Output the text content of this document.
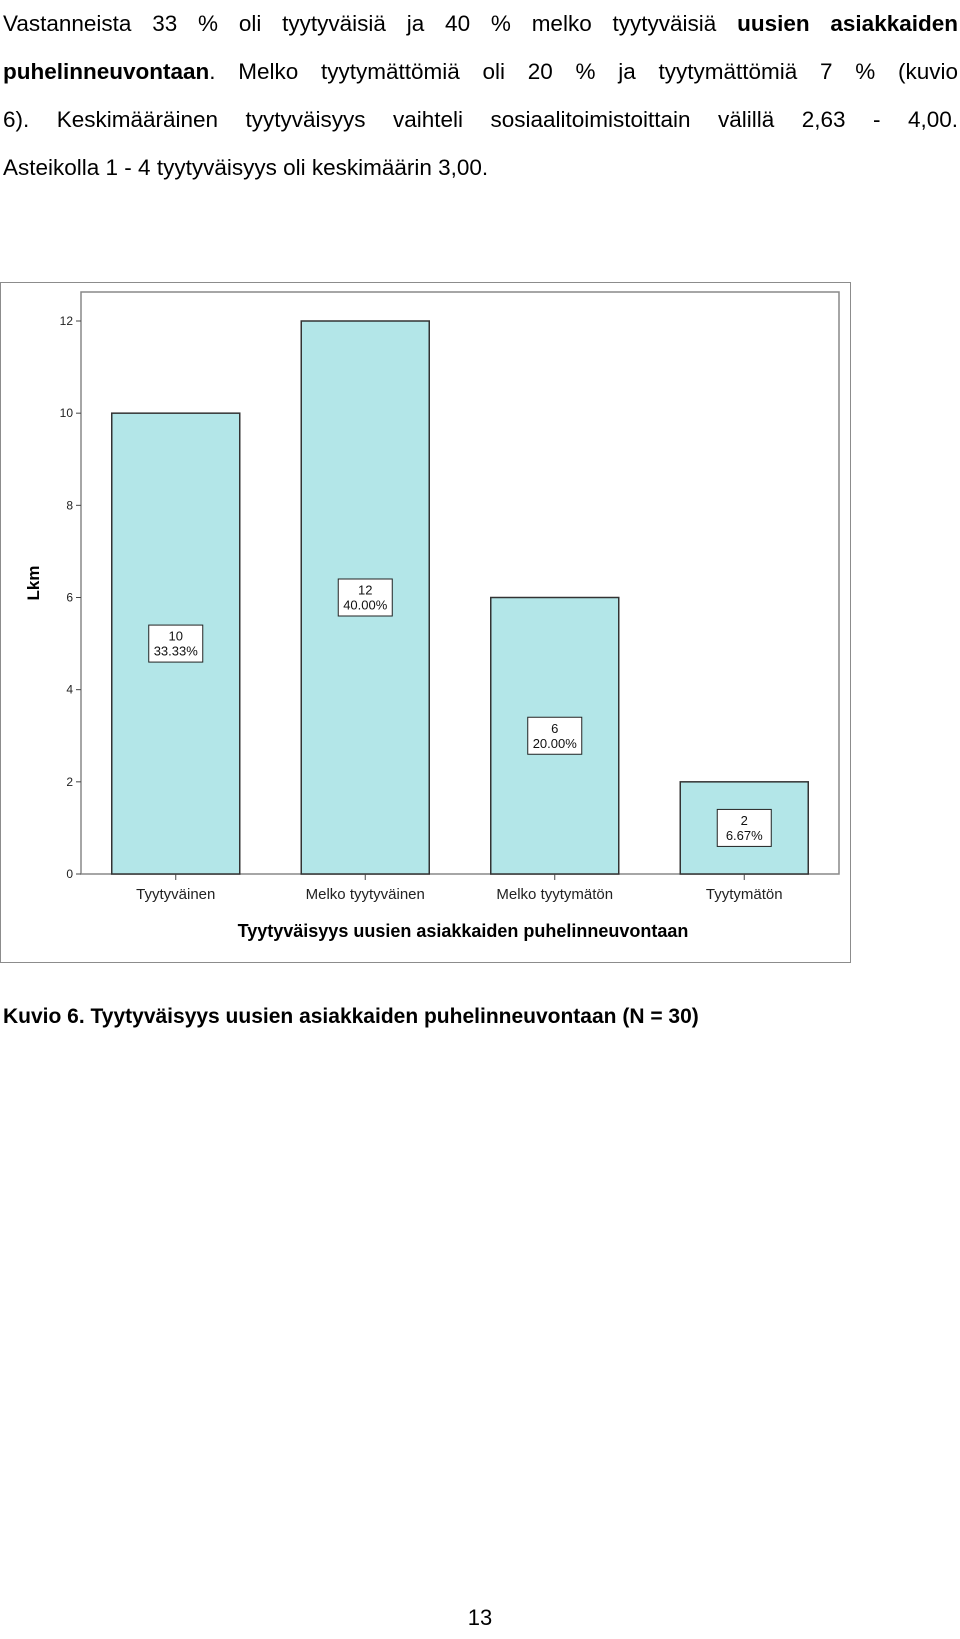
Vastanneista 33 % oli tyytyväisiä ja 40 % melko tyytyväisiä uusien asiakkaiden
puhelinneuvontaan. Melko tyytymättömiä oli 20 % ja tyytymättömiä 7 % (kuvio
6). Keskimääräinen tyytyväisyys vaihteli sosiaalitoimistoittain välillä 2,63 - 4,00.
Asteikolla 1 - 4 tyytyväisyys oli keskimäärin 3,00.
0
2
4
6
8
10
12
Lkm
Tyytyväinen
10
33.33%
Melko tyytyväinen
12
40.00%
Melko tyytymätön
6
20.00%
Tyytymätön
2
6.67%
Tyytyväisyys uusien asiakkaiden puhelinneuvontaan
Kuvio 6. Tyytyväisyys uusien asiakkaiden puhelinneuvontaan (N = 30)
13
